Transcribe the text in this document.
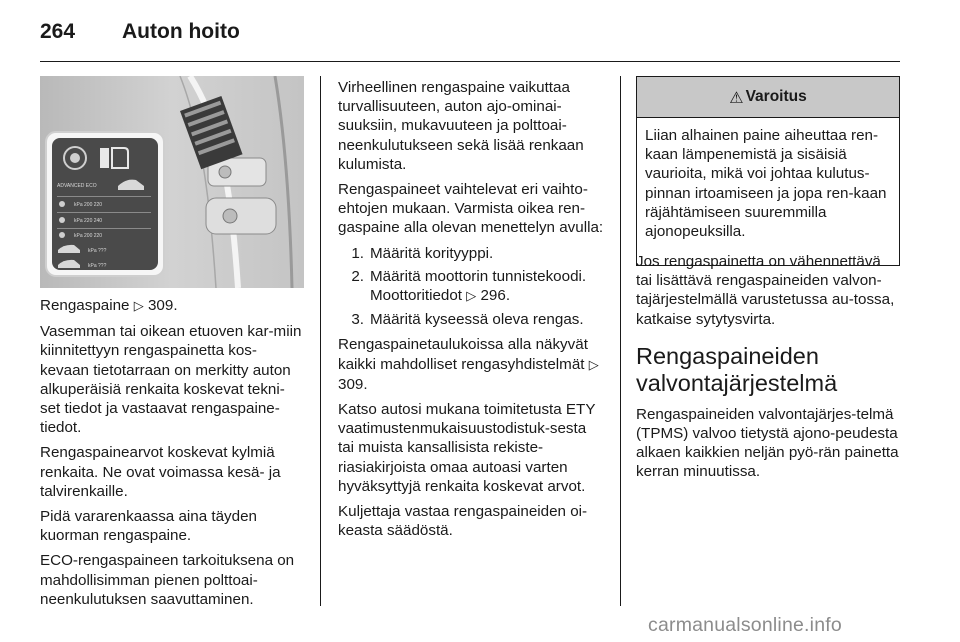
264 Auton hoito
ADVANCED ECO
kPa 200 220
kPa 220 240
kPa 200 220
kPa ???
kPa ???

Rengaspaine ▷ 309.

Vasemman tai oikean etuoven kar-miin kiinnitettyyn rengaspainetta kos-kevaan tietotarraan on merkitty auton alkuperäisiä renkaita koskevat tekni-set tiedot ja vastaavat rengaspaine-tiedot.

Rengaspainearvot koskevat kylmiä renkaita. Ne ovat voimassa kesä- ja talvirenkaille.

Pidä vararenkaassa aina täyden kuorman rengaspaine.

ECO-rengaspaineen tarkoituksena on mahdollisimman pienen polttoai-neenkulutuksen saavuttaminen.

Virheellinen rengaspaine vaikuttaa turvallisuuteen, auton ajo-ominai-suuksiin, mukavuuteen ja polttoai-neenkulutukseen sekä lisää renkaan kulumista.

Rengaspaineet vaihtelevat eri vaihto-ehtojen mukaan. Varmista oikea ren-gaspaine alla olevan menettelyn avulla:

1. Määritä korityyppi.
2. Määritä moottorin tunnistekoodi. Moottoritiedot ▷ 296.
3. Määritä kyseessä oleva rengas.

Rengaspainetaulukoissa alla näkyvät kaikki mahdolliset rengasyhdistelmät ▷ 309.

Katso autosi mukana toimitetusta ETY vaatimustenmukaisuustodistuk-sesta tai muista kansallisista rekiste-riasiakirjoista omaa autoasi varten hyväksyttyjä renkaita koskevat arvot.

Kuljettaja vastaa rengaspaineiden oi-keasta säädöstä.

⚠ Varoitus
Liian alhainen paine aiheuttaa ren-kaan lämpenemistä ja sisäisiä vaurioita, mikä voi johtaa kulutus-pinnan irtoamiseen ja jopa ren-kaan räjähtämiseen suuremmilla ajonopeuksilla.

Jos rengaspainetta on vähennettävä tai lisättävä rengaspaineiden valvon-tajärjestelmällä varustetussa au-tossa, katkaise sytytysvirta.

Rengaspaineiden valvontajärjestelmä

Rengaspaineiden valvontajärjes-telmä (TPMS) valvoo tietystä ajono-peudesta alkaen kaikkien neljän pyö-rän painetta kerran minuutissa.

carmanualsonline.info
